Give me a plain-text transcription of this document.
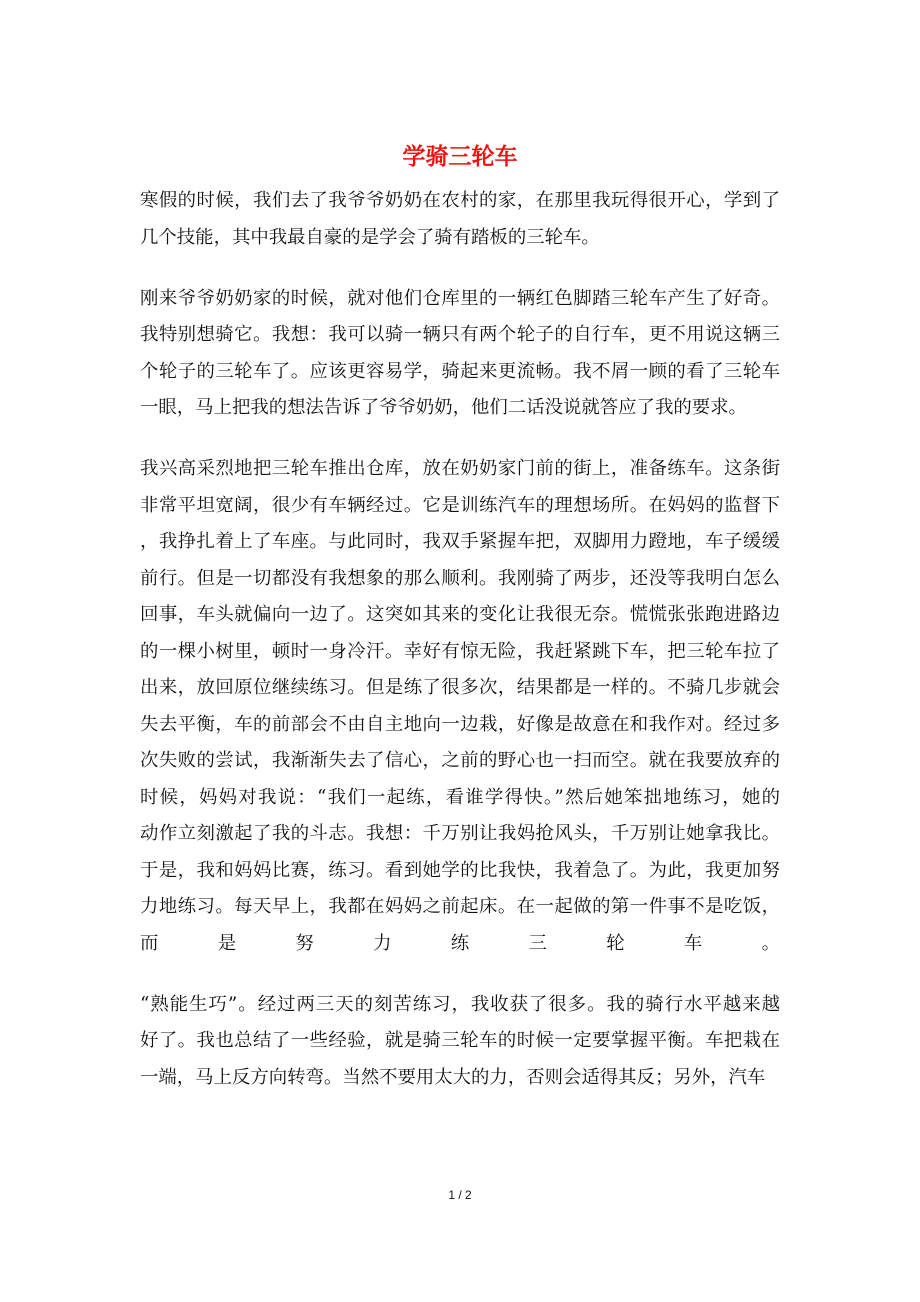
学骑三轮车
寒假的时候，我们去了我爷爷奶奶在农村的家，在那里我玩得很开心，学到了
几个技能，其中我最自豪的是学会了骑有踏板的三轮车。
刚来爷爷奶奶家的时候，就对他们仓库里的一辆红色脚踏三轮车产生了好奇。
我特别想骑它。我想：我可以骑一辆只有两个轮子的自行车，更不用说这辆三
个轮子的三轮车了。应该更容易学，骑起来更流畅。我不屑一顾的看了三轮车
一眼，马上把我的想法告诉了爷爷奶奶，他们二话没说就答应了我的要求。
我兴高采烈地把三轮车推出仓库，放在奶奶家门前的街上，准备练车。这条街
非常平坦宽阔，很少有车辆经过。它是训练汽车的理想场所。在妈妈的监督下
，我挣扎着上了车座。与此同时，我双手紧握车把，双脚用力蹬地，车子缓缓
前行。但是一切都没有我想象的那么顺利。我刚骑了两步，还没等我明白怎么
回事，车头就偏向一边了。这突如其来的变化让我很无奈。慌慌张张跑进路边
的一棵小树里，顿时一身冷汗。幸好有惊无险，我赶紧跳下车，把三轮车拉了
出来，放回原位继续练习。但是练了很多次，结果都是一样的。不骑几步就会
失去平衡，车的前部会不由自主地向一边栽，好像是故意在和我作对。经过多
次失败的尝试，我渐渐失去了信心，之前的野心也一扫而空。就在我要放弃的
时候，妈妈对我说：“我们一起练，看谁学得快。”然后她笨拙地练习，她的
动作立刻激起了我的斗志。我想：千万别让我妈抢风头，千万别让她拿我比。
于是，我和妈妈比赛，练习。看到她学的比我快，我着急了。为此，我更加努
力地练习。每天早上，我都在妈妈之前起床。在一起做的第一件事不是吃饭，
而是努力练三轮车。
“熟能生巧”。经过两三天的刻苦练习，我收获了很多。我的骑行水平越来越
好了。我也总结了一些经验，就是骑三轮车的时候一定要掌握平衡。车把栽在
一端，马上反方向转弯。当然不要用太大的力，否则会适得其反；另外，汽车
1 / 2
